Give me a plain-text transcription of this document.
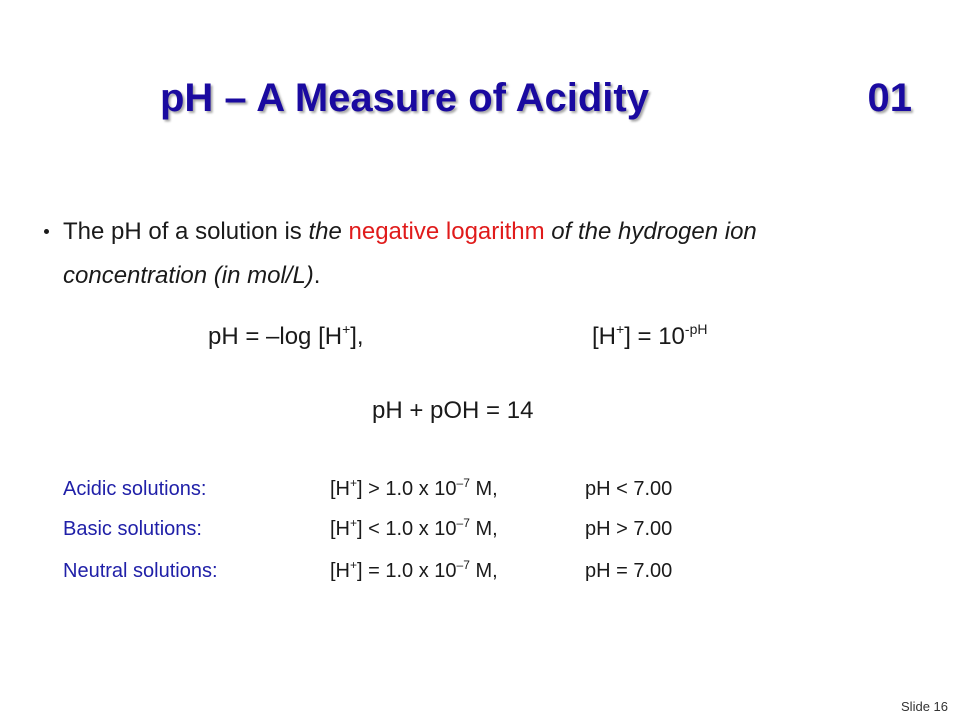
pH – A Measure of Acidity	01
The pH of a solution is the negative logarithm of the hydrogen ion concentration (in mol/L).
pH = –log [H+],	$[H^+] = 10^{-pH}$
pH + pOH = 14
Acidic solutions:	[H+] > 1.0 x $10^{-7}$ M,	pH < 7.00
Basic solutions:	[H+] < 1.0 x $10^{-7}$ M,	pH > 7.00
Neutral solutions:	[H+] = 1.0 x $10^{-7}$ M,	pH = 7.00
Slide 16
